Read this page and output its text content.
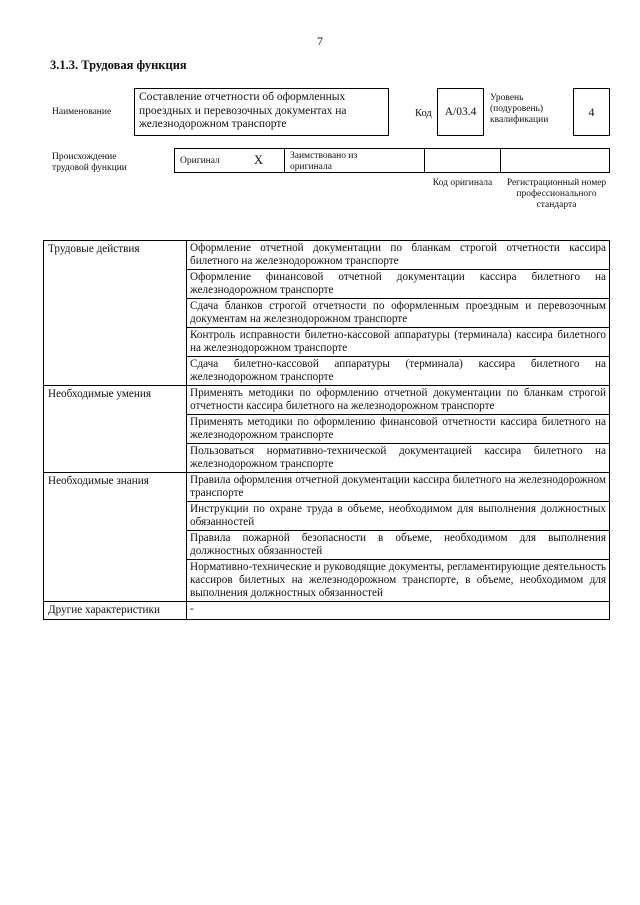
7
3.1.3. Трудовая функция
Наименование
Составление отчетности об оформленных проездных и перевозочных документах на железнодорожном транспорте
Код А/03.4
Уровень (подуровень) квалификации
4
Происхождение трудовой функции
Оригинал	X	Заимствовано из оригинала
Код оригинала	Регистрационный номер профессионального стандарта
Трудовые действия	Оформление отчетной документации по бланкам строгой отчетности кассира билетного на железнодорожном транспорте
	Оформление финансовой отчетной документации кассира билетного на железнодорожном транспорте
	Сдача бланков строгой отчетности по оформленным проездным и перевозочным документам на железнодорожном транспорте
	Контроль исправности билетно-кассовой аппаратуры (терминала) кассира билетного на железнодорожном транспорте
	Сдача билетно-кассовой аппаратуры (терминала) кассира билетного на железнодорожном транспорте
Необходимые умения	Применять методики по оформлению отчетной документации по бланкам строгой отчетности кассира билетного на железнодорожном транспорте
	Применять методики по оформлению финансовой отчетности кассира билетного на железнодорожном транспорте
	Пользоваться нормативно-технической документацией кассира билетного на железнодорожном транспорте
Необходимые знания	Правила оформления отчетной документации кассира билетного на железнодорожном транспорте
	Инструкции по охране труда в объеме, необходимом для выполнения должностных обязанностей
	Правила пожарной безопасности в объеме, необходимом для выполнения должностных обязанностей
	Нормативно-технические и руководящие документы, регламентирующие деятельность кассиров билетных на железнодорожном транспорте, в объеме, необходимом для выполнения должностных обязанностей
Другие характеристики	-
